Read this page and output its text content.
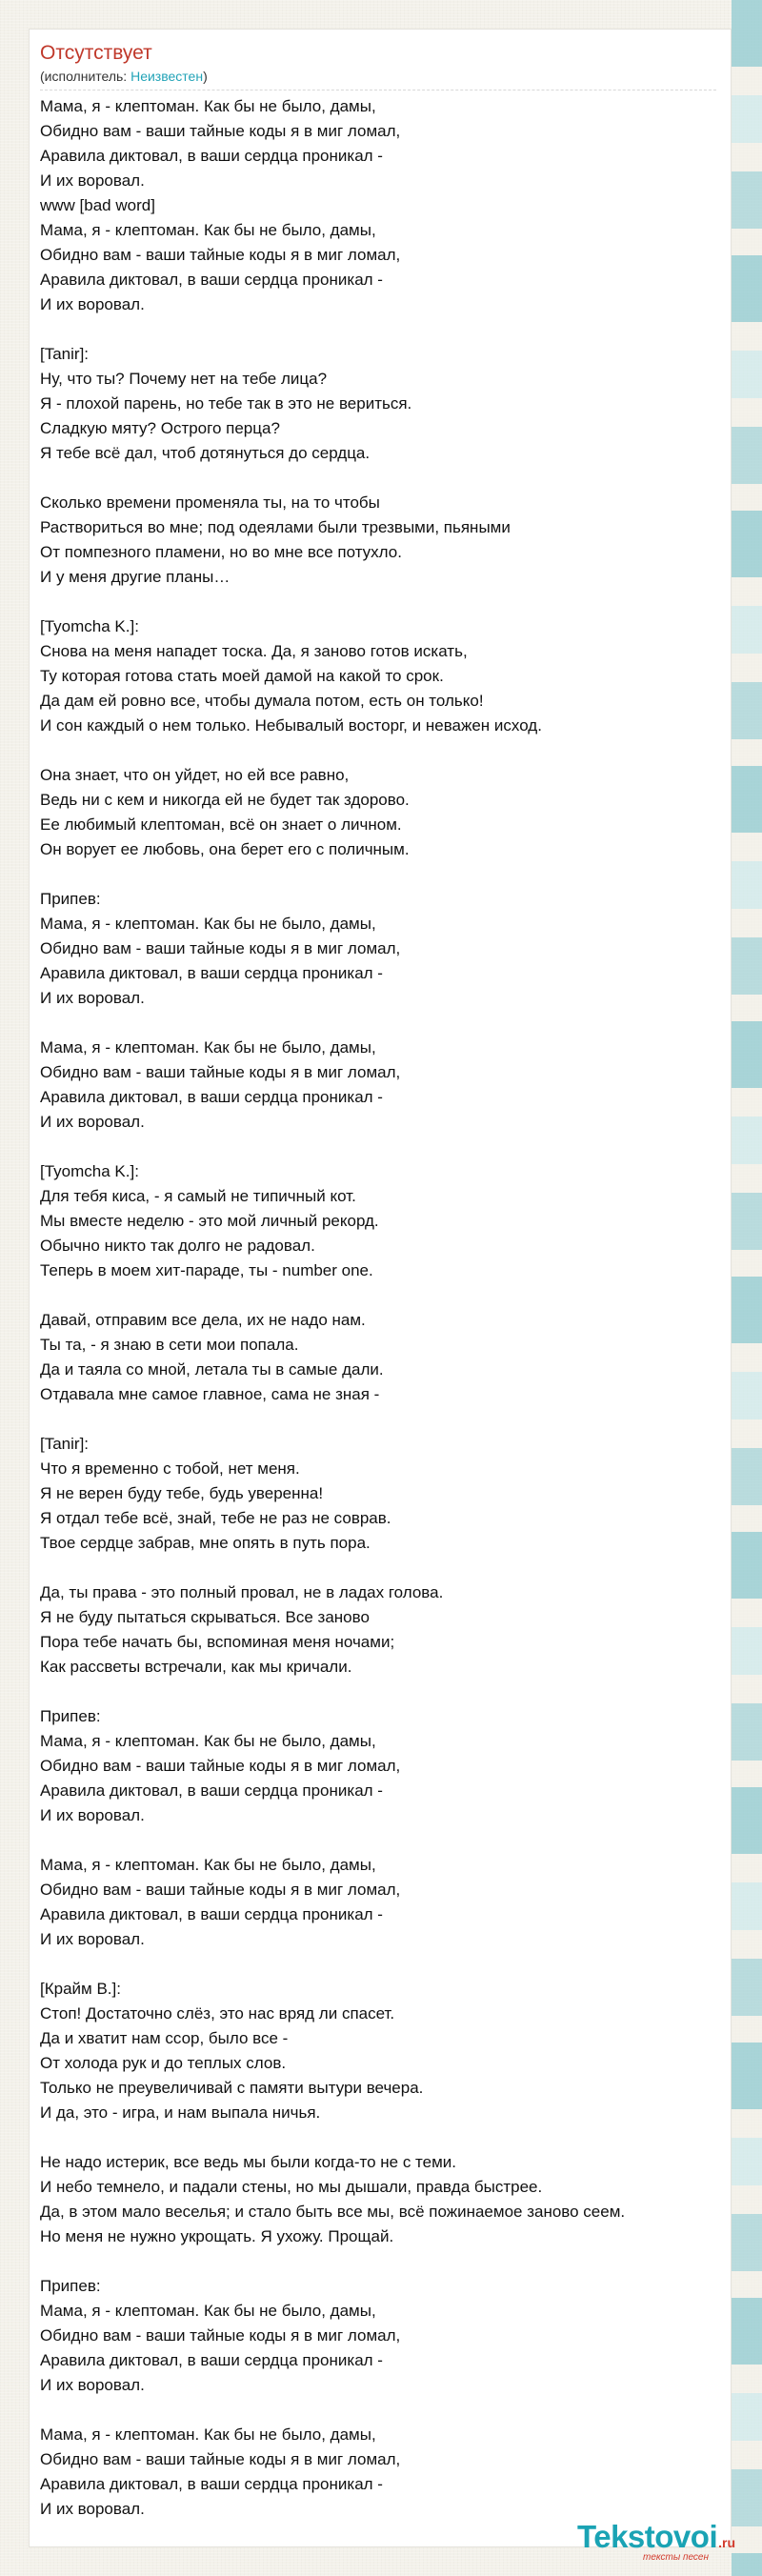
Отсутствует
(исполнитель: Неизвестен)
Мама, я - клептоман. Как бы не было, дамы,
Обидно вам - ваши тайные коды я в миг ломал,
Аравила диктовал, в ваши сердца проникал -
И их воровал.
www [bad word]
Мама, я - клептоман. Как бы не было, дамы,
Обидно вам - ваши тайные коды я в миг ломал,
Аравила диктовал, в ваши сердца проникал -
И их воровал.
[Tanir]:
Ну, что ты? Почему нет на тебе лица?
Я - плохой парень, но тебе так в это не вериться.
Сладкую мяту? Острого перца?
Я тебе всё дал, чтоб дотянуться до сердца.
Сколько времени променяла ты, на то чтобы
Раствориться во мне; под одеялами были трезвыми, пьяными
От помпезного пламени, но во мне все потухло.
И у меня другие планы…
[Tyomcha K.]:
Снова на меня нападет тоска. Да, я заново готов искать,
Ту которая готова стать моей дамой на какой то срок.
Да дам ей ровно все, чтобы думала потом, есть он только!
И сон каждый о нем только. Небывалый восторг, и неважен исход.
Она знает, что он уйдет, но ей все равно,
Ведь ни с кем и никогда ей не будет так здорово.
Ее любимый клептоман, всё он знает о личном.
Он ворует ее любовь, она берет его с поличным.
Припев:
Мама, я - клептоман. Как бы не было, дамы,
Обидно вам - ваши тайные коды я в миг ломал,
Аравила диктовал, в ваши сердца проникал -
И их воровал.
Мама, я - клептоман. Как бы не было, дамы,
Обидно вам - ваши тайные коды я в миг ломал,
Аравила диктовал, в ваши сердца проникал -
И их воровал.
[Tyomcha K.]:
Для тебя киса, - я самый не типичный кот.
Мы вместе неделю - это мой личный рекорд.
Обычно никто так долго не радовал.
Теперь в моем хит-параде, ты - number one.
Давай, отправим все дела, их не надо нам.
Ты та, - я знаю в сети мои попала.
Да и таяла со мной, летала ты в самые дали.
Отдавала мне самое главное, сама не зная -
[Tanir]:
Что я временно с тобой, нет меня.
Я не верен буду тебе, будь уверенна!
Я отдал тебе всё, знай, тебе не раз не соврав.
Твое сердце забрав, мне опять в путь пора.
Да, ты права - это полный провал, не в ладах голова.
Я не буду пытаться скрываться. Все заново
Пора тебе начать бы, вспоминая меня ночами;
Как рассветы встречали, как мы кричали.
Припев:
Мама, я - клептоман. Как бы не было, дамы,
Обидно вам - ваши тайные коды я в миг ломал,
Аравила диктовал, в ваши сердца проникал -
И их воровал.
Мама, я - клептоман. Как бы не было, дамы,
Обидно вам - ваши тайные коды я в миг ломал,
Аравила диктовал, в ваши сердца проникал -
И их воровал.
[Крайм В.]:
Стоп! Достаточно слёз, это нас вряд ли спасет.
Да и хватит нам ссор, было все -
От холода рук и до теплых слов.
Только не преувеличивай с памяти вытури вечера.
И да, это - игра, и нам выпала ничья.
Не надо истерик, все ведь мы были когда-то не с теми.
И небо темнело, и падали стены, но мы дышали, правда быстрее.
Да, в этом мало веселья; и стало быть все мы, всё пожинаемое заново сеем.
Но меня не нужно укрощать. Я ухожу. Прощай.
Припев:
Мама, я - клептоман. Как бы не было, дамы,
Обидно вам - ваши тайные коды я в миг ломал,
Аравила диктовал, в ваши сердца проникал -
И их воровал.
Мама, я - клептоман. Как бы не было, дамы,
Обидно вам - ваши тайные коды я в миг ломал,
Аравила диктовал, в ваши сердца проникал -
И их воровал.
Tekstovoi.ru
тексты песен
